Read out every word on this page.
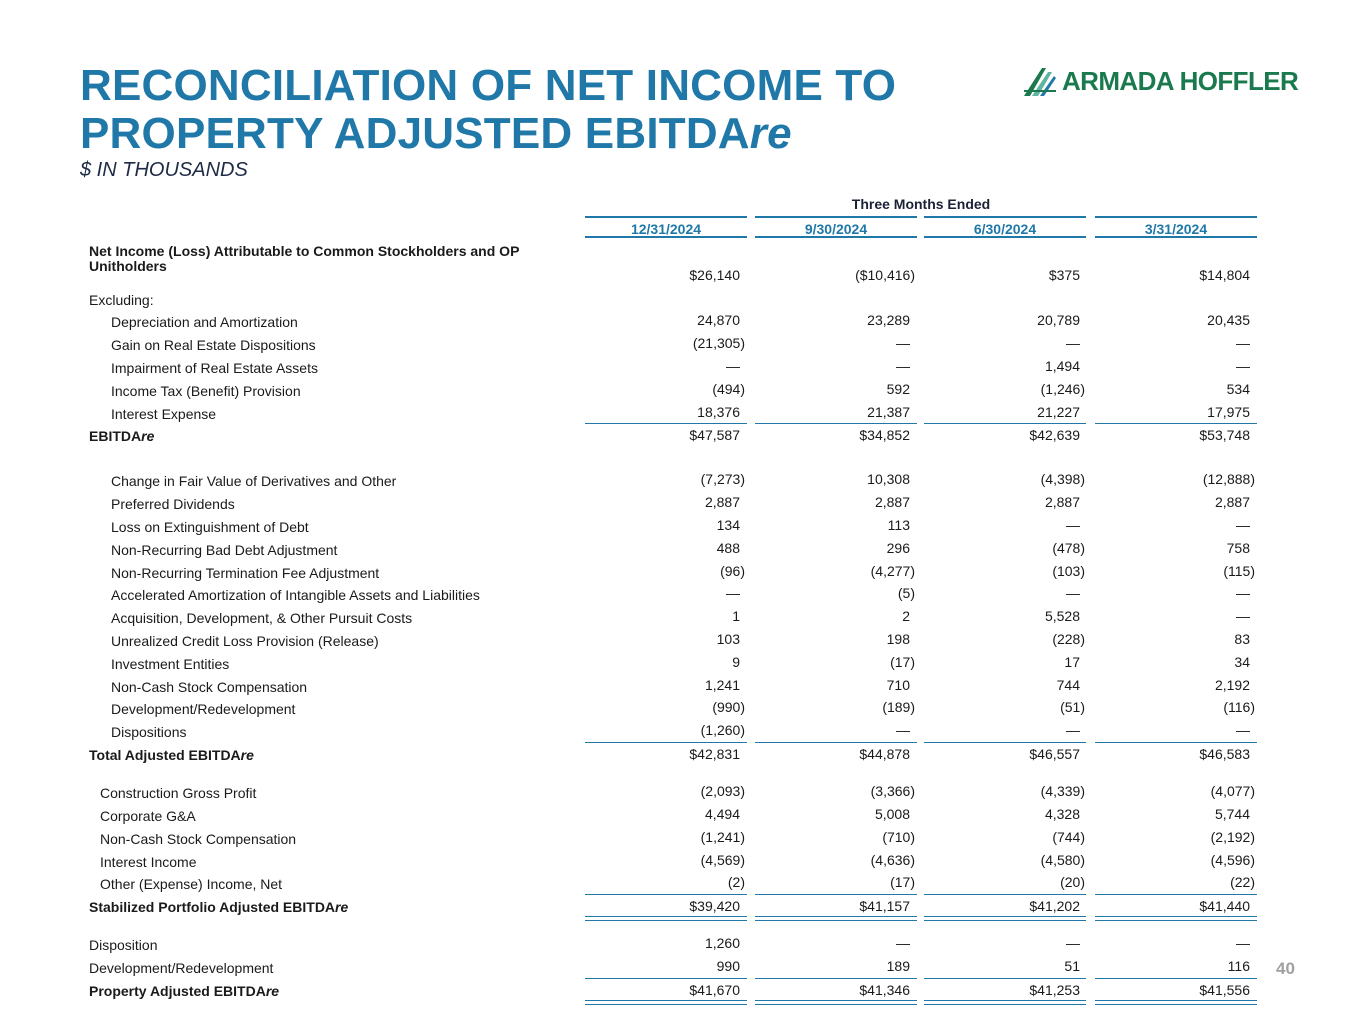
RECONCILIATION OF NET INCOME TO
PROPERTY ADJUSTED EBITDAre
$ IN THOUSANDS
ARMADA HOFFLER
Three Months Ended
12/31/2024	9/30/2024	6/30/2024	3/31/2024
Net Income (Loss) Attributable to Common Stockholders and OP
Unitholders
$26,140	($10,416)	$375	$14,804
Excluding:
Depreciation and Amortization	24,870	23,289	20,789	20,435
Gain on Real Estate Dispositions	(21,305)	—	—	—
Impairment of Real Estate Assets	—	—	1,494	—
Income Tax (Benefit) Provision	(494)	592	(1,246)	534
Interest Expense	18,376	21,387	21,227	17,975
EBITDAre	$47,587	$34,852	$42,639	$53,748
Change in Fair Value of Derivatives and Other	(7,273)	10,308	(4,398)	(12,888)
Preferred Dividends	2,887	2,887	2,887	2,887
Loss on Extinguishment of Debt	134	113	—	—
Non-Recurring Bad Debt Adjustment	488	296	(478)	758
Non-Recurring Termination Fee Adjustment	(96)	(4,277)	(103)	(115)
Accelerated Amortization of Intangible Assets and Liabilities	—	(5)	—	—
Acquisition, Development, & Other Pursuit Costs	1	2	5,528	—
Unrealized Credit Loss Provision (Release)	103	198	(228)	83
Investment Entities	9	(17)	17	34
Non-Cash Stock Compensation	1,241	710	744	2,192
Development/Redevelopment	(990)	(189)	(51)	(116)
Dispositions	(1,260)	—	—	—
Total Adjusted EBITDAre	$42,831	$44,878	$46,557	$46,583
Construction Gross Profit	(2,093)	(3,366)	(4,339)	(4,077)
Corporate G&A	4,494	5,008	4,328	5,744
Non-Cash Stock Compensation	(1,241)	(710)	(744)	(2,192)
Interest Income	(4,569)	(4,636)	(4,580)	(4,596)
Other (Expense) Income, Net	(2)	(17)	(20)	(22)
Stabilized Portfolio Adjusted EBITDAre	$39,420	$41,157	$41,202	$41,440
Disposition	1,260	—	—	—
Development/Redevelopment	990	189	51	116
Property Adjusted EBITDAre	$41,670	$41,346	$41,253	$41,556
40
